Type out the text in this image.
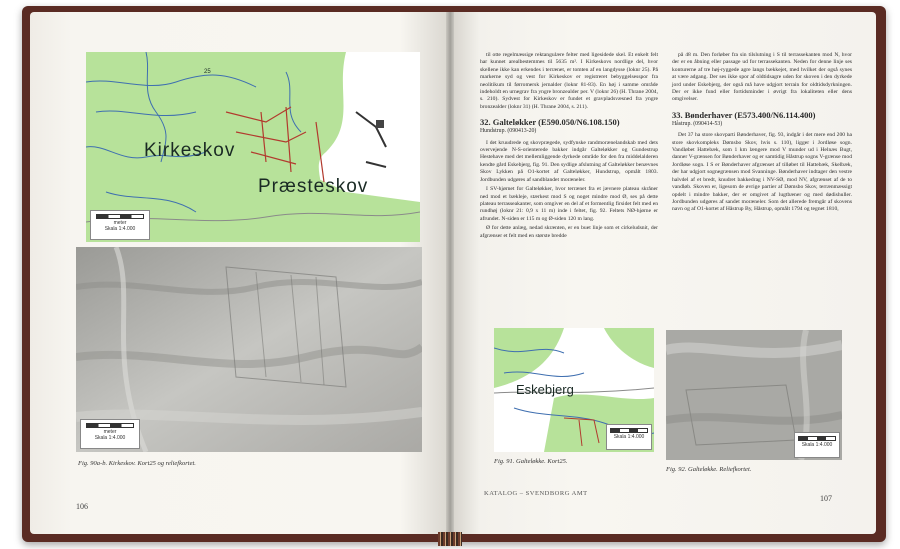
Kirkeskov
Præsteskov
25
meter
Skala 1:4.000
meter
Skala 1:4.000
Fig. 90a-b. Kirkeskov. Kort25 og reliefkortet.
106

til otte regelmæssige rektangulære felter med ligesidede skel. Et enkelt felt har kunnet arealbestemmes til 5635 m². I Kirkeskovs nordlige del, hvor skellene ikke kan erkendes i terrænet, er tomten af en langdysse (loknr 25). På markerne syd og vest for Kirkeskov er registreret bebyggelsesspor fra neolitikum til førromersk jernalder (loknr 81-83). En høj i samme område indeholdt en urnegrav fra yngre bronzealder per. V (loknr 26) (H. Thrane 2004, s. 210). Sydvest for Kirkeskov er fundet et gravpladsvæsned fra yngre bronzealder (loknr 31) (H. Thrane 2004, s. 211).

32. Galteløkker (E590.050/N6.108.150)
Hundstrup. (090413-20)

I det kruudrede og skovprægede, sydfynske randmorænelandskab med dets overvejende N-S-orienterede bakker indgår Galteløkker og Gundestrup Hestehave med det mellemliggende dyrkede område for den fra middelalderen kendte gård Eskebjerg, fig. 91. Den sydlige afslutning af Galteløkker benævnes Skov Lykken på O1-kortet af Galteløkker, Hundstrup, opmålt 1803. Jordbunden udgøres af sandblandet moræneler.

I SV-hjørnet for Galteløkker, hvor terrænet fra et jævnere plateau skråner ned mod et bækleje, stærkest mod S og noget mindre mod Ø, ses på dette plateau terrasseakanter, som omgiver en del af et formentlig firsidet felt med en rundhøj (loknr 21: 0,9 x 11 m) inde i feltet, fig. 92. Feltets NØ-hjørne er afrundet. N-siden er 115 m og Ø-siden 120 m lang.

Ø for dette anlæg, nedad skrænten, er en buet linje som et cirkeludsnit, der afgrænser et felt med en største bredde

på 48 m. Den forløber fra sin tilslutning i S til terrassekanten mod N, hvor der er en åbning eller passage ud for terrassekanten. Neden for denne linje ses konturerne af tre høj-ryggede agre langs bækkejet, med hvilket der også synes at være adgang. Der ses ikke spor af oldtidsagre uden for skoven i den dyrkede jord under Eskebjerg, der også må have udgjort terrain for oldtidsdyrkningen. Der er ikke fund eller fortidsminder i øvrigt fra lokaliteten eller dens omgivelser.

33. Bønderhaver (E573.400/N6.114.400)
Håstrup. (090414-53)

Det 37 ha store skovparti Bønderhaver, fig. 93, indgår i det mere end 200 ha store skovkompleks Dømsbo Skov, hvis s. 110), ligger i Jordløse sogn. Vandløbet Hattebæk, som 1 km længere mod V munder ud i Helnæs Bugt, danner V-grænsen for Bønderhaver og er samtidig Håstrup sogns V-grænse mod Jordløse sogn. I S er Bønderhaver afgrænset af tilløbet til Hattebæk, Skelbæk, der har udgjort sognegrænsen mod Svanninge. Bønderhaver indtager den vestre halvdel af et bredt, knudret bakkedrag i NV-SØ, mod NV, afgrænset af de to vandløb. Skoven er, ligesom de øvrige partier af Dømsbo Skov, terrænmæssigt opdelt i mindre bakker, der er omgivet af lugtbæner og med dødishuller. Jordbunden udgøres af sandet moræneler. Som det allerede fremgår af skovens navn og af O1-kortet af Håstrup By, Håstrup, opmålt 1794 og tegnet 1810,

Eskebjerg
Skala 1:4.000
Skala 1:4.000
Fig. 91. Galteløkke. Kort25.
Fig. 92. Galteløkke. Reliefkortet.
KATALOG – SVENDBORG AMT
107
